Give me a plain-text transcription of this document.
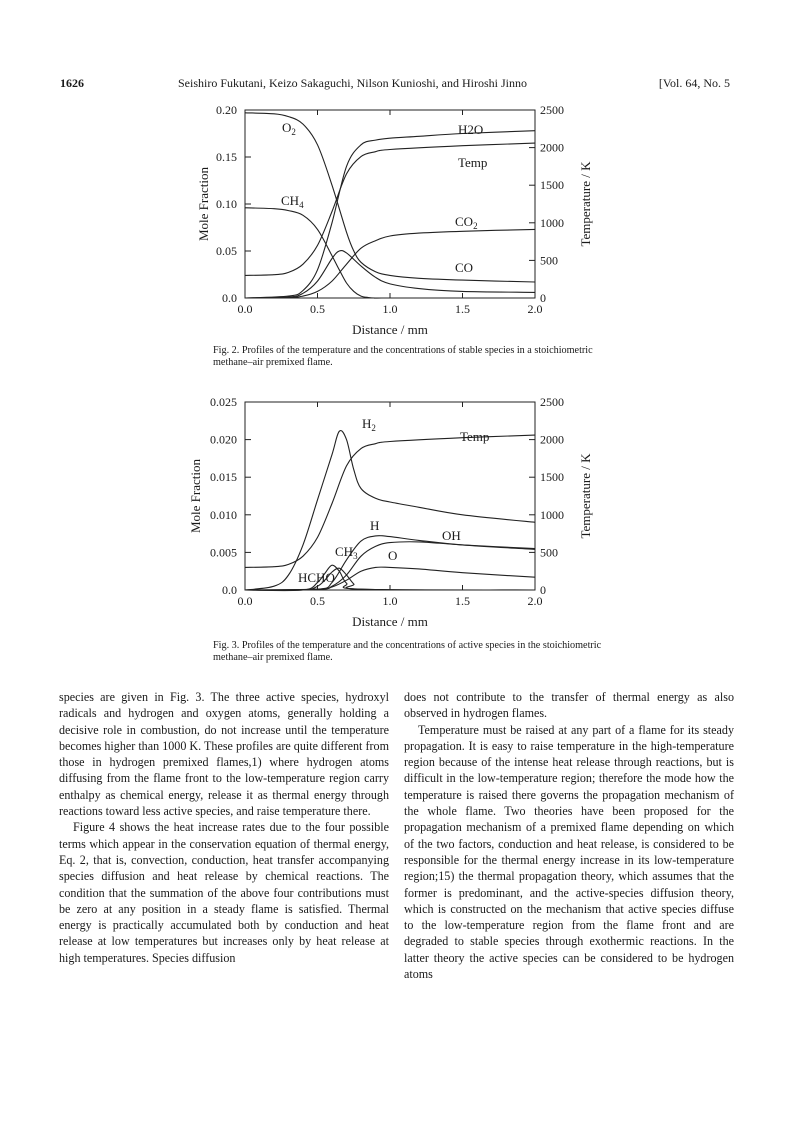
1626	Seishiro Fukutani, Keizo Sakaguchi, Nilson Kunioshi, and Hiroshi Jinno	[Vol. 64, No. 5
0.0	0.5	1.0	1.5	2.0
0.0
0.05
0.10
0.15
0.20
0
500
1000
1500
2000
2500
Distance / mm
Mole Fraction	Temperature / K
$O_2$
$CH_4$
H2O
$CO_2$
CO
Temp
0.0	0.5	1.0	1.5	2.0
0.0
0.005
0.010
0.015
0.020
0.025
0
500
1000
1500
2000
2500
Distance / mm
Mole Fraction	Temperature / K
$H_2$
H
OH
O
$CH_3$
HCHO
Temp
Fig. 2. Profiles of the temperature and the concentrations of stable species in a stoichiometric methane–air premixed flame.
Fig. 3. Profiles of the temperature and the concentrations of active species in the stoichiometric methane–air premixed flame.

species are given in Fig. 3. The three active species, hydroxyl radicals and hydrogen and oxygen atoms, generally holding a decisive role in combustion, do not increase until the temperature becomes higher than 1000 K. These profiles are quite different from those in hydrogen premixed flames,1) where hydrogen atoms diffusing from the flame front to the low-temperature region carry enthalpy as chemical energy, release it as thermal energy through reactions toward less active species, and raise temperature there.

Figure 4 shows the heat increase rates due to the four possible terms which appear in the conservation equation of thermal energy, Eq. 2, that is, convection, conduction, heat transfer accompanying species diffusion and heat release by chemical reactions. The condition that the summation of the above four contributions must be zero at any position in a steady flame is satisfied. Thermal energy is practically accumulated both by conduction and heat release at low temperatures but increases only by heat release at high temperatures. Species diffusion

does not contribute to the transfer of thermal energy as also observed in hydrogen flames.

Temperature must be raised at any part of a flame for its steady propagation. It is easy to raise temperature in the high-temperature region because of the intense heat release through reactions, but is difficult in the low-temperature region; therefore the mode how the temperature is raised there governs the propagation mechanism of the whole flame. Two theories have been proposed for the propagation mechanism of a premixed flame depending on which of the two factors, conduction and heat release, is considered to be responsible for the thermal energy increase in its low-temperature region;15) the thermal propagation theory, which assumes that the former is predominant, and the active-species diffusion theory, which is constructed on the mechanism that active species diffuse to the low-temperature region from the flame front and are degraded to stable species through exothermic reactions. In the latter theory the active species can be considered to be hydrogen atoms
